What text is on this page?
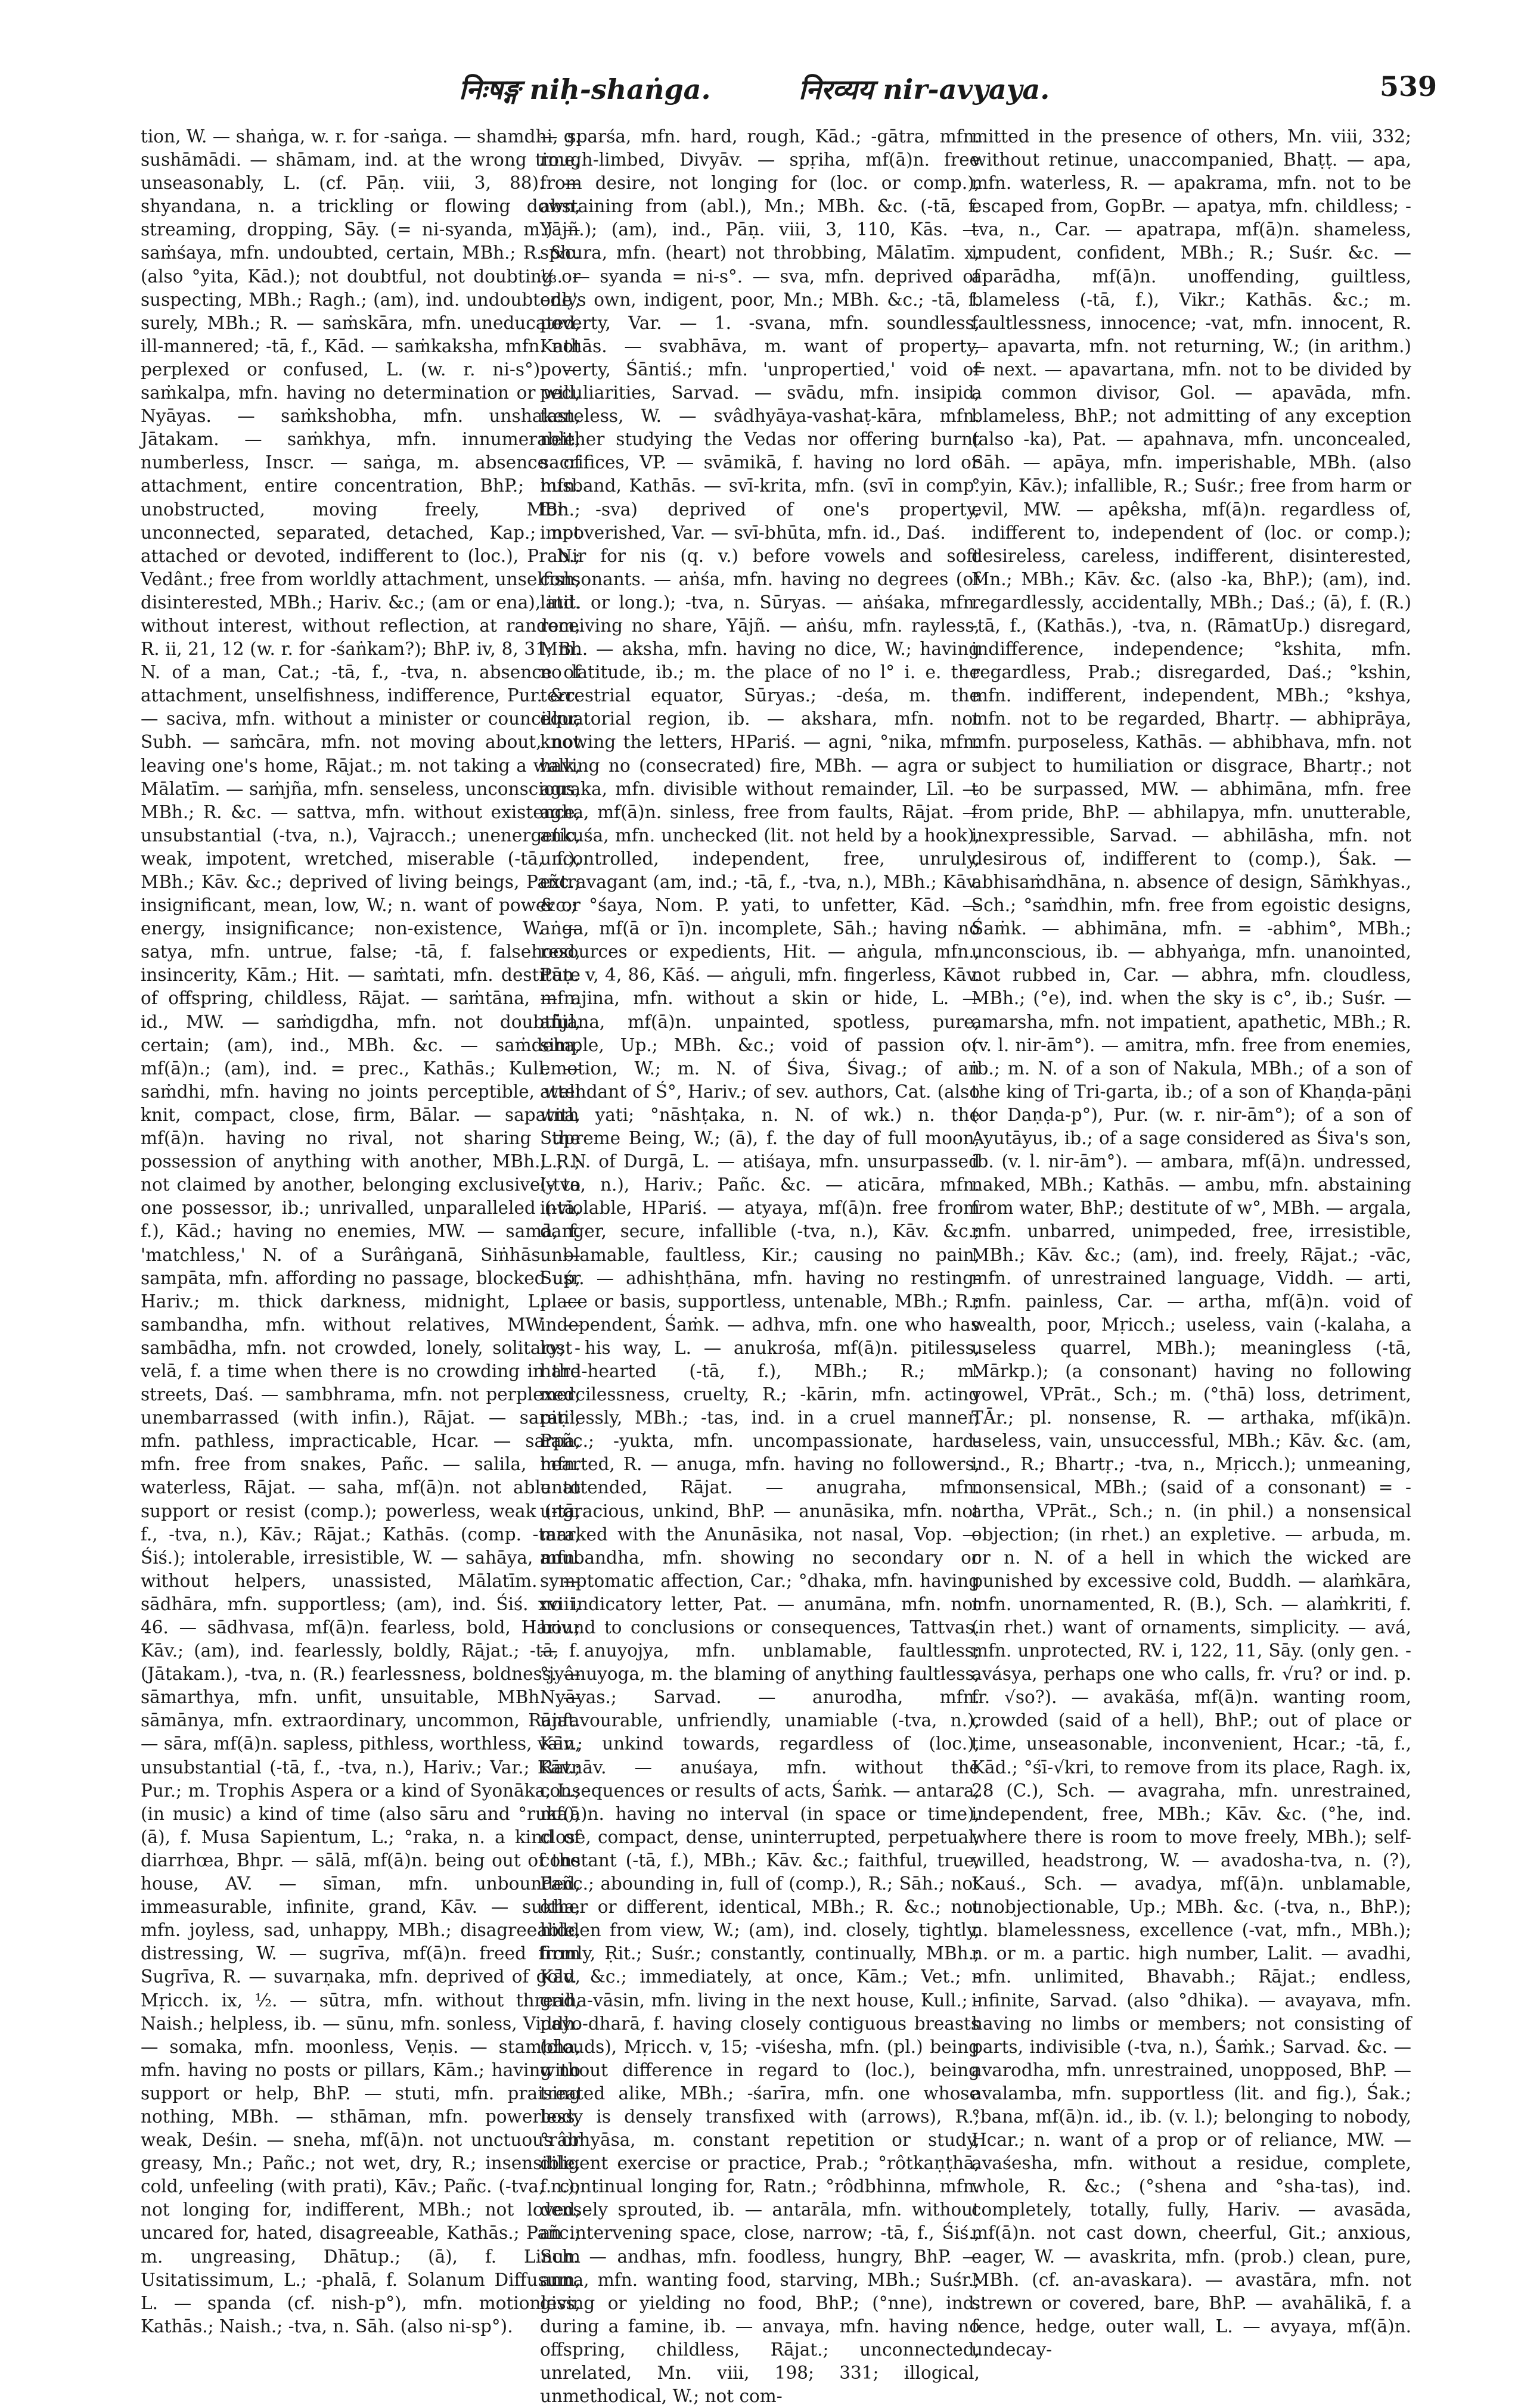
निःषङ्ग niḥ-shaṅga.	निरव्यय nir-avyaya.	539

tion, W. — shaṅga, w. r. for -saṅga. — shamdhi, g. sushāmādi. — shāmam, ind. at the wrong time, unseasonably, L. (cf. Pāṇ. viii, 3, 88). — shyandana, n. a trickling or flowing down, streaming, dropping, Sāy. (= ni-syanda, m.) — saṁśaya, mfn. undoubted, certain, MBh.; R. &c. (also °yita, Kād.); not doubtful, not doubting or suspecting, MBh.; Ragh.; (am), ind. undoubtedly, surely, MBh.; R. — saṁskāra, mfn. uneducated, ill-mannered; -tā, f., Kād. — saṁkaksha, mfn. not perplexed or confused, L. (w. r. ni-s°). — saṁkalpa, mfn. having no determination or will, Nyāyas. — saṁkshobha, mfn. unshaken, Jātakam. — saṁkhya, mfn. innumerable, numberless, Inscr. — saṅga, m. absence of attachment, entire concentration, BhP.; mfn. unobstructed, moving freely, MBh.; unconnected, separated, detached, Kap.; not attached or devoted, indifferent to (loc.), Prab.; Vedânt.; free from worldly attachment, unselfish, disinterested, MBh.; Hariv. &c.; (am or ena), ind. without interest, without reflection, at random, R. ii, 21, 12 (w. r. for -śaṅkam?); BhP. iv, 8, 31; m. N. of a man, Cat.; -tā, f., -tva, n. absence of attachment, unselfishness, indifference, Pur. &c. — saciva, mfn. without a minister or councillor, Subh. — saṁcāra, mfn. not moving about, not leaving one's home, Rājat.; m. not taking a walk, Mālatīm. — saṁjña, mfn. senseless, unconscious, MBh.; R. &c. — sattva, mfn. without existence, unsubstantial (-tva, n.), Vajracch.; unenergetic, weak, impotent, wretched, miserable (-tā, f.), MBh.; Kāv. &c.; deprived of living beings, Pañc.; insignificant, mean, low, W.; n. want of power or energy, insignificance; non-existence, W. — satya, mfn. untrue, false; -tā, f. falsehood, insincerity, Kām.; Hit. — saṁtati, mfn. destitute of offspring, childless, Rājat. — saṁtāna, mfn. id., MW. — saṁdigdha, mfn. not doubtful, certain; (am), ind., MBh. &c. — saṁdeha, mf(ā)n.; (am), ind. = prec., Kathās.; Kull. — saṁdhi, mfn. having no joints perceptible, well knit, compact, close, firm, Bālar. — sapatna, mf(ā)n. having no rival, not sharing the possession of anything with another, MBh.; R.; not claimed by another, belonging exclusively to one possessor, ib.; unrivalled, unparalleled (-tā, f.), Kād.; having no enemies, MW. — samā, f. 'matchless,' N. of a Surâṅganā, Siṅhās. — sampāta, mfn. affording no passage, blocked up, Hariv.; m. thick darkness, midnight, L. — sambandha, mfn. without relatives, MW. — sambādha, mfn. not crowded, lonely, solitary; -velā, f. a time when there is no crowding in the streets, Daś. — sambhrama, mfn. not perplexed, unembarrassed (with infin.), Rājat. — saraṇi, mfn. pathless, impracticable, Hcar. — sarpa, mfn. free from snakes, Pañc. — salila, mfn. waterless, Rājat. — saha, mf(ā)n. not able to support or resist (comp.); powerless, weak (-tā, f., -tva, n.), Kāv.; Rājat.; Kathās. (comp. -tara, Śiś.); intolerable, irresistible, W. — sahāya, mfn. without helpers, unassisted, Mālatīm. — sādhāra, mfn. supportless; (am), ind. Śiś. xviii, 46. — sādhvasa, mf(ā)n. fearless, bold, Hariv.; Kāv.; (am), ind. fearlessly, boldly, Rājat.; -tā, f. (Jātakam.), -tva, n. (R.) fearlessness, boldness. — sāmarthya, mfn. unfit, unsuitable, MBh. — sāmānya, mfn. extraordinary, uncommon, Rājat. — sāra, mf(ā)n. sapless, pithless, worthless, vain, unsubstantial (-tā, f., -tva, n.), Hariv.; Var.; Kāv.; Pur.; m. Trophis Aspera or a kind of Syonāka, L.; (in music) a kind of time (also sāru and °ruka); (ā), f. Musa Sapientum, L.; °raka, n. a kind of diarrhœa, Bhpr. — sālā, mf(ā)n. being out of the house, AV. — sīman, mfn. unbounded, immeasurable, infinite, grand, Kāv. — sukha, mfn. joyless, sad, unhappy, MBh.; disagreeable, distressing, W. — sugrīva, mf(ā)n. freed from Sugrīva, R. — suvarṇaka, mfn. deprived of gold, Mṛicch. ix, ½. — sūtra, mfn. without thread, Naish.; helpless, ib. — sūnu, mfn. sonless, Viddh. — somaka, mfn. moonless, Veṇis. — stambha, mfn. having no posts or pillars, Kām.; having no support or help, BhP. — stuti, mfn. praising nothing, MBh. — sthāman, mfn. powerless, weak, Deśin. — sneha, mf(ā)n. not unctuous or greasy, Mn.; Pañc.; not wet, dry, R.; insensible, cold, unfeeling (with prati), Kāv.; Pañc. (-tva, n.); not longing for, indifferent, MBh.; not loved, uncared for, hated, disagreeable, Kathās.; Pañc.; m. ungreasing, Dhātup.; (ā), f. Linum Usitatissimum, L.; -phalā, f. Solanum Diffusum, L. — spanda (cf. nish-p°), mfn. motionless, Kathās.; Naish.; -tva, n. Sāh. (also ni-sp°).

— sparśa, mfn. hard, rough, Kād.; -gātra, mfn. rough-limbed, Divyāv. — spṛiha, mf(ā)n. free from desire, not longing for (loc. or comp.), abstaining from (abl.), Mn.; MBh. &c. (-tā, f. Yājñ.); (am), ind., Pāṇ. viii, 3, 110, Kās. — sphura, mfn. (heart) not throbbing, Mālatīm. x, ⅓. — syanda = ni-s°. — sva, mfn. deprived of one's own, indigent, poor, Mn.; MBh. &c.; -tā, f. poverty, Var. — 1. -svana, mfn. soundless, Kathās. — svabhāva, m. want of property, poverty, Śāntiś.; mfn. 'unpropertied,' void of peculiarities, Sarvad. — svādu, mfn. insipid, tasteless, W. — svâdhyāya-vashaṭ-kāra, mfn. neither studying the Vedas nor offering burnt sacrifices, VP. — svāmikā, f. having no lord or husband, Kathās. — svī-krita, mfn. (svī in comp. for -sva) deprived of one's property, impoverished, Var. — svī-bhūta, mfn. id., Daś.

Nir for nis (q. v.) before vowels and soft consonants. — aṅśa, mfn. having no degrees (of latit. or long.); -tva, n. Sūryas. — aṅśaka, mfn. receiving no share, Yājñ. — aṅśu, mfn. rayless, MBh. — aksha, mfn. having no dice, W.; having no latitude, ib.; m. the place of no l° i. e. the terrestrial equator, Sūryas.; -deśa, m. the equatorial region, ib. — akshara, mfn. not knowing the letters, HPariś. — agni, °nika, mfn. having no (consecrated) fire, MBh. — agra or -agraka, mfn. divisible without remainder, Līl. — agha, mf(ā)n. sinless, free from faults, Rājat. — aṅkuśa, mfn. unchecked (lit. not held by a hook), uncontrolled, independent, free, unruly, extravagant (am, ind.; -tā, f., -tva, n.), MBh.; Kāv. &c.; °śaya, Nom. P. yati, to unfetter, Kād. — aṅga, mf(ā or ī)n. incomplete, Sāh.; having no resources or expedients, Hit. — aṅgula, mfn., Pāṇ. v, 4, 86, Kāś. — aṅguli, mfn. fingerless, Kāv. — ajina, mfn. without a skin or hide, L. — añjana, mf(ā)n. unpainted, spotless, pure, simple, Up.; MBh. &c.; void of passion or emotion, W.; m. N. of Śiva, Śivag.; of an attendant of Ś°, Hariv.; of sev. authors, Cat. (also with yati; °nāshṭaka, n. N. of wk.) n. the Supreme Being, W.; (ā), f. the day of full moon, L.; N. of Durgā, L. — atiśaya, mfn. unsurpassed (-tva, n.), Hariv.; Pañc. &c. — aticāra, mfn. inviolable, HPariś. — atyaya, mf(ā)n. free from danger, secure, infallible (-tva, n.), Kāv. &c.; unblamable, faultless, Kir.; causing no pain, Suśr. — adhishṭhāna, mfn. having no resting-place or basis, supportless, untenable, MBh.; R.; independent, Śaṁk. — adhva, mfn. one who has lost his way, L. — anukrośa, mf(ā)n. pitiless, hard-hearted (-tā, f.), MBh.; R.; m. mercilessness, cruelty, R.; -kārin, mfn. acting pitilessly, MBh.; -tas, ind. in a cruel manner, Pañc.; -yukta, mfn. uncompassionate, hard-hearted, R. — anuga, mfn. having no followers, unattended, Rājat. — anugraha, mfn. ungracious, unkind, BhP. — anunāsika, mfn. not marked with the Anunāsika, not nasal, Vop. — anubandha, mfn. showing no secondary or symptomatic affection, Car.; °dhaka, mfn. having no indicatory letter, Pat. — anumāna, mfn. not bound to conclusions or consequences, Tattvas. — anuyojya, mfn. unblamable, faultless; °jyânuyoga, m. the blaming of anything faultless, Nyāyas.; Sarvad. — anurodha, mfn. unfavourable, unfriendly, unamiable (-tva, n.), Kāv.; unkind towards, regardless of (loc.), Ratnāv. — anuśaya, mfn. without the consequences or results of acts, Śaṁk. — antara, mf(ā)n. having no interval (in space or time), close, compact, dense, uninterrupted, perpetual, constant (-tā, f.), MBh.; Kāv. &c.; faithful, true, Pañc.; abounding in, full of (comp.), R.; Sāh.; not other or different, identical, MBh.; R. &c.; not hidden from view, W.; (am), ind. closely, tightly, firmly, Ṛit.; Suśr.; constantly, continually, MBh.; Kāv. &c.; immediately, at once, Kām.; Vet.; -griha-vāsin, mfn. living in the next house, Kull.; -payo-dharā, f. having closely contiguous breasts (clouds), Mṛicch. v, 15; -viśesha, mfn. (pl.) being without difference in regard to (loc.), being treated alike, MBh.; -śarīra, mfn. one whose body is densely transfixed with (arrows), R.; °râbhyāsa, m. constant repetition or study, diligent exercise or practice, Prab.; °rôtkaṇṭhā, f. continual longing for, Ratn.; °rôdbhinna, mfn. densely sprouted, ib. — antarāla, mfn. without an intervening space, close, narrow; -tā, f., Śiś., Sch. — andhas, mfn. foodless, hungry, BhP. — anna, mfn. wanting food, starving, MBh.; Suśr.; giving or yielding no food, BhP.; (°nne), ind. during a famine, ib. — anvaya, mfn. having no offspring, childless, Rājat.; unconnected, unrelated, Mn. viii, 198; 331; illogical, unmethodical, W.; not com-

mitted in the presence of others, Mn. viii, 332; without retinue, unaccompanied, Bhaṭṭ. — apa, mfn. waterless, R. — apakrama, mfn. not to be escaped from, GopBr. — apatya, mfn. childless; -tva, n., Car. — apatrapa, mf(ā)n. shameless, impudent, confident, MBh.; R.; Suśr. &c. — aparādha, mf(ā)n. unoffending, guiltless, blameless (-tā, f.), Vikr.; Kathās. &c.; m. faultlessness, innocence; -vat, mfn. innocent, R. — apavarta, mfn. not returning, W.; (in arithm.) = next. — apavartana, mfn. not to be divided by a common divisor, Gol. — apavāda, mfn. blameless, BhP.; not admitting of any exception (also -ka), Pat. — apahnava, mfn. unconcealed, Sāh. — apāya, mfn. imperishable, MBh. (also °yin, Kāv.); infallible, R.; Suśr.; free from harm or evil, MW. — apêksha, mf(ā)n. regardless of, indifferent to, independent of (loc. or comp.); desireless, careless, indifferent, disinterested, Mn.; MBh.; Kāv. &c. (also -ka, BhP.); (am), ind. regardlessly, accidentally, MBh.; Daś.; (ā), f. (R.) -tā, f., (Kathās.), -tva, n. (RāmatUp.) disregard, indifference, independence; °kshita, mfn. regardless, Prab.; disregarded, Daś.; °kshin, mfn. indifferent, independent, MBh.; °kshya, mfn. not to be regarded, Bhartṛ. — abhiprāya, mfn. purposeless, Kathās. — abhibhava, mfn. not subject to humiliation or disgrace, Bhartṛ.; not to be surpassed, MW. — abhimāna, mfn. free from pride, BhP. — abhilapya, mfn. unutterable, inexpressible, Sarvad. — abhilāsha, mfn. not desirous of, indifferent to (comp.), Śak. — abhisaṁdhāna, n. absence of design, Sāṁkhyas., Sch.; °saṁdhin, mfn. free from egoistic designs, Śaṁk. — abhimāna, mfn. = -abhim°, MBh.; unconscious, ib. — abhyaṅga, mfn. unanointed, not rubbed in, Car. — abhra, mfn. cloudless, MBh.; (°e), ind. when the sky is c°, ib.; Suśr. — amarsha, mfn. not impatient, apathetic, MBh.; R. (v. l. nir-ām°). — amitra, mfn. free from enemies, ib.; m. N. of a son of Nakula, MBh.; of a son of the king of Tri-garta, ib.; of a son of Khaṇḍa-pāṇi (or Daṇḍa-p°), Pur. (w. r. nir-ām°); of a son of Ayutāyus, ib.; of a sage considered as Śiva's son, ib. (v. l. nir-ām°). — ambara, mf(ā)n. undressed, naked, MBh.; Kathās. — ambu, mfn. abstaining from water, BhP.; destitute of w°, MBh. — argala, mfn. unbarred, unimpeded, free, irresistible, MBh.; Kāv. &c.; (am), ind. freely, Rājat.; -vāc, mfn. of unrestrained language, Viddh. — arti, mfn. painless, Car. — artha, mf(ā)n. void of wealth, poor, Mṛicch.; useless, vain (-kalaha, a useless quarrel, MBh.); meaningless (-tā, Mārkp.); (a consonant) having no following vowel, VPrāt., Sch.; m. (°thā) loss, detriment, TĀr.; pl. nonsense, R. — arthaka, mf(ikā)n. useless, vain, unsuccessful, MBh.; Kāv. &c. (am, ind., R.; Bhartṛ.; -tva, n., Mṛicch.); unmeaning, nonsensical, MBh.; (said of a consonant) = -artha, VPrāt., Sch.; n. (in phil.) a nonsensical objection; (in rhet.) an expletive. — arbuda, m. or n. N. of a hell in which the wicked are punished by excessive cold, Buddh. — alaṁkāra, mfn. unornamented, R. (B.), Sch. — alaṁkriti, f. (in rhet.) want of ornaments, simplicity. — avá, mfn. unprotected, RV. i, 122, 11, Sāy. (only gen. -avásya, perhaps one who calls, fr. √ru? or ind. p. fr. √so?). — avakāśa, mf(ā)n. wanting room, crowded (said of a hell), BhP.; out of place or time, unseasonable, inconvenient, Hcar.; -tā, f., Kād.; °śī-√kri, to remove from its place, Ragh. ix, 28 (C.), Sch. — avagraha, mfn. unrestrained, independent, free, MBh.; Kāv. &c. (°he, ind. where there is room to move freely, MBh.); self-willed, headstrong, W. — avadosha-tva, n. (?), Kauś., Sch. — avadya, mf(ā)n. unblamable, unobjectionable, Up.; MBh. &c. (-tva, n., BhP.); n. blamelessness, excellence (-vat, mfn., MBh.); n. or m. a partic. high number, Lalit. — avadhi, mfn. unlimited, Bhavabh.; Rājat.; endless, infinite, Sarvad. (also °dhika). — avayava, mfn. having no limbs or members; not consisting of parts, indivisible (-tva, n.), Śaṁk.; Sarvad. &c. — avarodha, mfn. unrestrained, unopposed, BhP. — avalamba, mfn. supportless (lit. and fig.), Śak.; °bana, mf(ā)n. id., ib. (v. l.); belonging to nobody, Hcar.; n. want of a prop or of reliance, MW. — avaśesha, mfn. without a residue, complete, whole, R. &c.; (°shena and °sha-tas), ind. completely, totally, fully, Hariv. — avasāda, mf(ā)n. not cast down, cheerful, Git.; anxious, eager, W. — avaskrita, mfn. (prob.) clean, pure, MBh. (cf. an-avaskara). — avastāra, mfn. not strewn or covered, bare, BhP. — avahālikā, f. a fence, hedge, outer wall, L. — avyaya, mf(ā)n. undecay-
